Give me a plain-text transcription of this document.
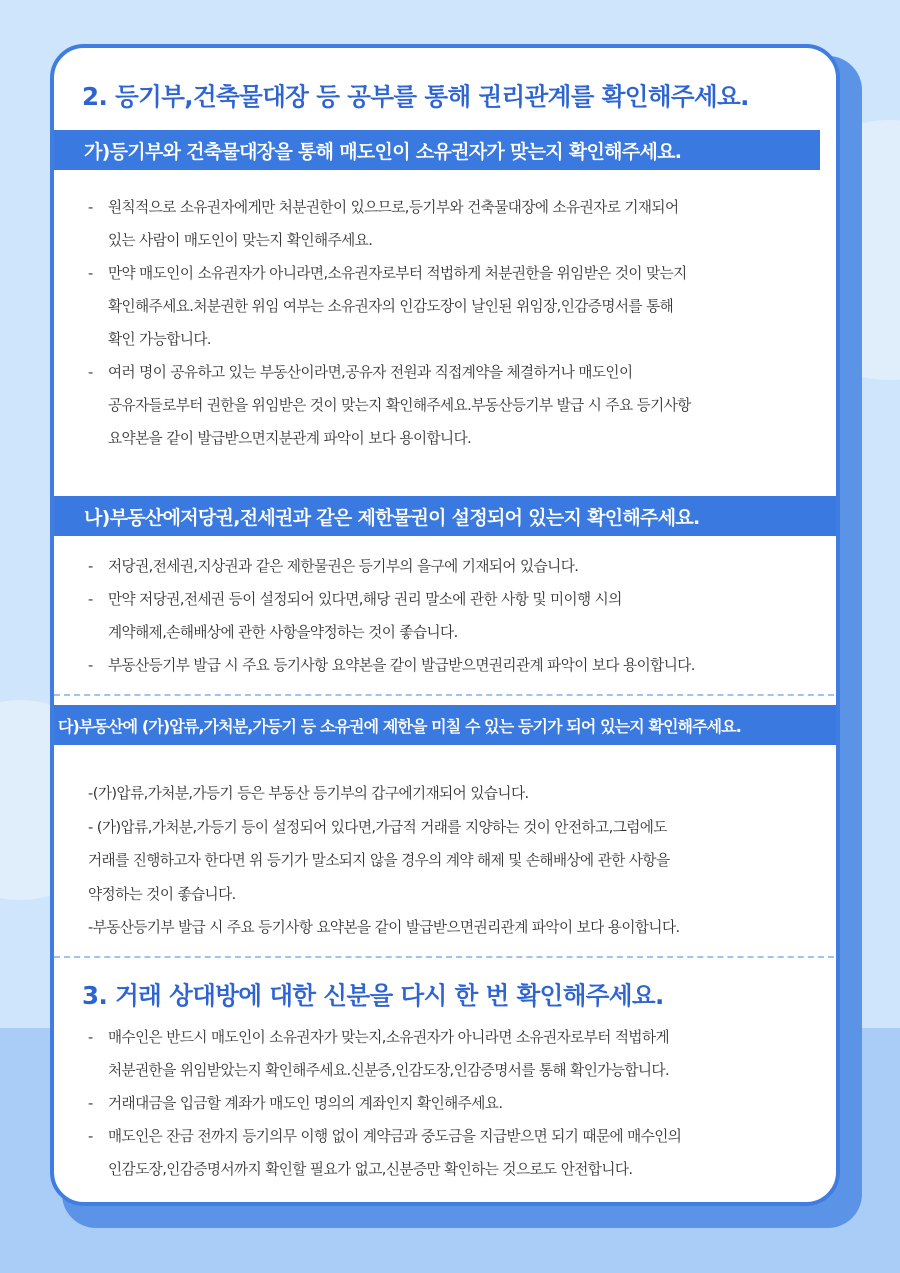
2. 등기부,건축물대장 등 공부를 통해 권리관계를 확인해주세요.
가)등기부와 건축물대장을 통해 매도인이 소유권자가 맞는지 확인해주세요.
-	원칙적으로 소유권자에게만 처분권한이 있으므로,등기부와 건축물대장에 소유권자로 기재되어
있는 사람이 매도인이 맞는지 확인해주세요.
-	만약 매도인이 소유권자가 아니라면,소유권자로부터 적법하게 처분권한을 위임받은 것이 맞는지
확인해주세요.처분권한 위임 여부는 소유권자의 인감도장이 날인된 위임장,인감증명서를 통해
확인 가능합니다.
-	여러 명이 공유하고 있는 부동산이라면,공유자 전원과 직접계약을 체결하거나 매도인이
공유자들로부터 권한을 위임받은 것이 맞는지 확인해주세요.부동산등기부 발급 시 주요 등기사항
요약본을 같이 발급받으면지분관계 파악이 보다 용이합니다.
나)부동산에저당권,전세권과 같은 제한물권이 설정되어 있는지 확인해주세요.
-	저당권,전세권,지상권과 같은 제한물권은 등기부의 을구에 기재되어 있습니다.
-	만약 저당권,전세권 등이 설정되어 있다면,해당 권리 말소에 관한 사항 및 미이행 시의
계약해제,손해배상에 관한 사항을약정하는 것이 좋습니다.
-	부동산등기부 발급 시 주요 등기사항 요약본을 같이 발급받으면권리관계 파악이 보다 용이합니다.
다)부동산에 (가)압류,가처분,가등기 등 소유권에 제한을 미칠 수 있는 등기가 되어 있는지 확인해주세요.
-(가)압류,가처분,가등기 등은 부동산 등기부의 갑구에기재되어 있습니다.
- (가)압류,가처분,가등기 등이 설정되어 있다면,가급적 거래를 지양하는 것이 안전하고,그럼에도
거래를 진행하고자 한다면 위 등기가 말소되지 않을 경우의 계약 해제 및 손해배상에 관한 사항을
약정하는 것이 좋습니다.
-부동산등기부 발급 시 주요 등기사항 요약본을 같이 발급받으면권리관계 파악이 보다 용이합니다.
3. 거래 상대방에 대한 신분을 다시 한 번 확인해주세요.
-	매수인은 반드시 매도인이 소유권자가 맞는지,소유권자가 아니라면 소유권자로부터 적법하게
처분권한을 위임받았는지 확인해주세요.신분증,인감도장,인감증명서를 통해 확인가능합니다.
-	거래대금을 입금할 계좌가 매도인 명의의 계좌인지 확인해주세요.
-	매도인은 잔금 전까지 등기의무 이행 없이 계약금과 중도금을 지급받으면 되기 때문에 매수인의
인감도장,인감증명서까지 확인할 필요가 없고,신분증만 확인하는 것으로도 안전합니다.
